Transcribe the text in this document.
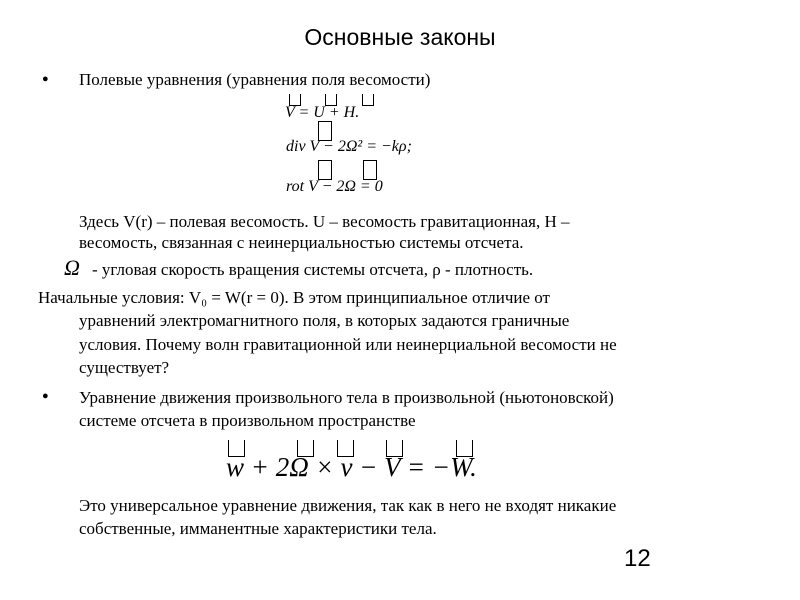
Основные законы
● Полевые уравнения (уравнения поля весомости)
V = U + H.
div V − 2Ω² = −kρ;
rot V − 2Ω = 0
Здесь V(r) – полевая весомость. U – весомость гравитационная, H –
весомость, связанная с неинерциальностью системы отсчета.
Ω - угловая скорость вращения системы отсчета, ρ - плотность.
Начальные условия: V₀ = W(r = 0). В этом принципиальное отличие от
уравнений электромагнитного поля, в которых задаются граничные
условия. Почему волн гравитационной или неинерциальной весомости не
существует?
● Уравнение движения произвольного тела в произвольной (ньютоновской)
системе отсчета в произвольном пространстве
w + 2Ω × v − V = −W.
Это универсальное уравнение движения, так как в него не входят никакие
собственные, имманентные характеристики тела.
12
